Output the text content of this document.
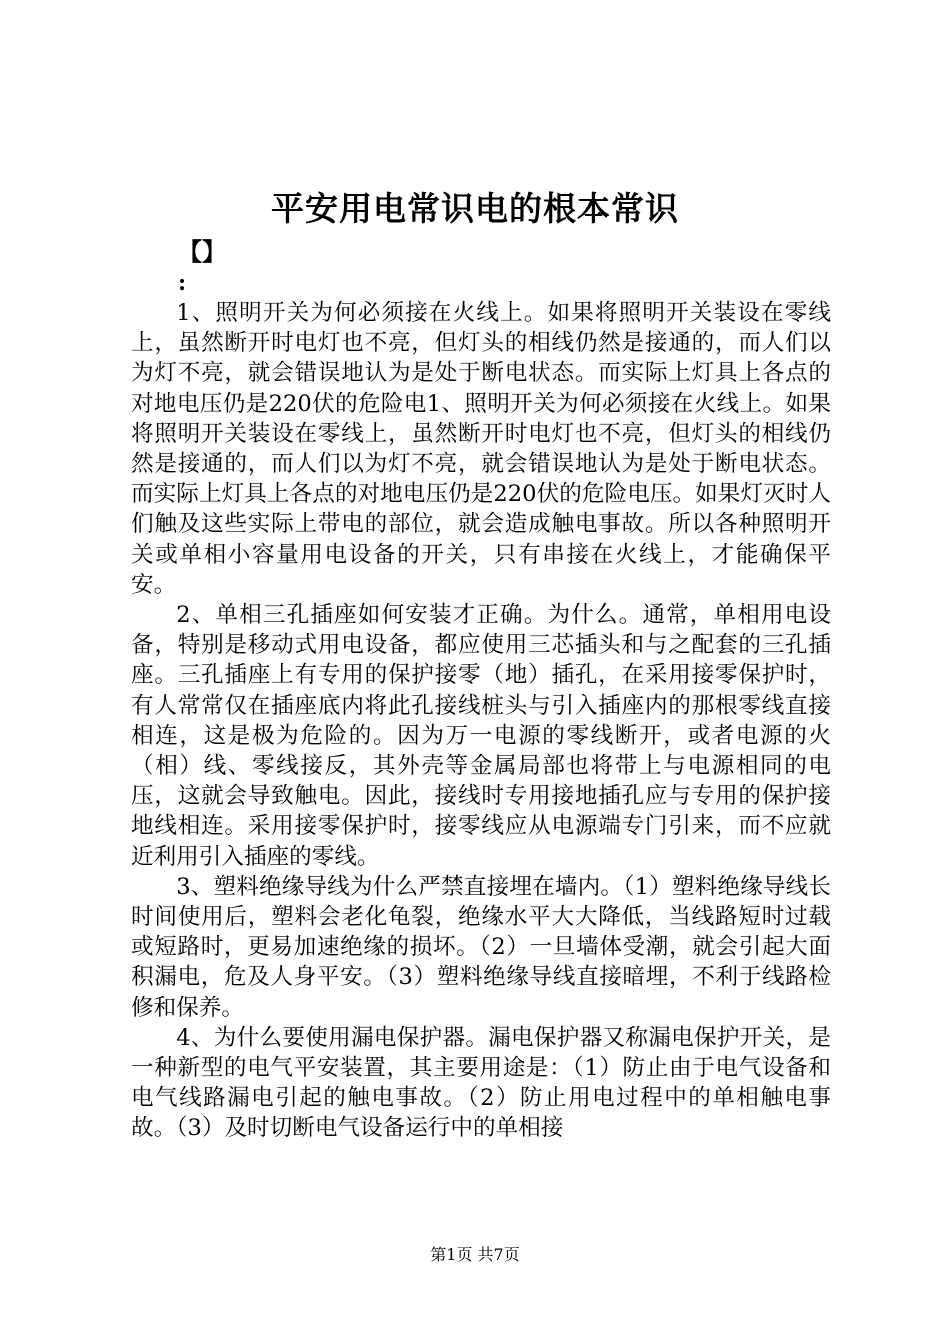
平安用电常识电的根本常识
【】
:

1、照明开关为何必须接在火线上。如果将照明开关装设在零线上，虽然断开时电灯也不亮，但灯头的相线仍然是接通的，而人们以为灯不亮，就会错误地认为是处于断电状态。而实际上灯具上各点的对地电压仍是220伏的危险电1、照明开关为何必须接在火线上。如果将照明开关装设在零线上，虽然断开时电灯也不亮，但灯头的相线仍然是接通的，而人们以为灯不亮，就会错误地认为是处于断电状态。而实际上灯具上各点的对地电压仍是220伏的危险电压。如果灯灭时人们触及这些实际上带电的部位，就会造成触电事故。所以各种照明开关或单相小容量用电设备的开关，只有串接在火线上，才能确保平安。

2、单相三孔插座如何安装才正确。为什么。通常，单相用电设备，特别是移动式用电设备，都应使用三芯插头和与之配套的三孔插座。三孔插座上有专用的保护接零（地）插孔，在采用接零保护时，有人常常仅在插座底内将此孔接线桩头与引入插座内的那根零线直接相连，这是极为危险的。因为万一电源的零线断开，或者电源的火（相）线、零线接反，其外壳等金属局部也将带上与电源相同的电压，这就会导致触电。因此，接线时专用接地插孔应与专用的保护接地线相连。采用接零保护时，接零线应从电源端专门引来，而不应就近利用引入插座的零线。

3、塑料绝缘导线为什么严禁直接埋在墙内。（1）塑料绝缘导线长时间使用后，塑料会老化龟裂，绝缘水平大大降低，当线路短时过载或短路时，更易加速绝缘的损坏。（2）一旦墙体受潮，就会引起大面积漏电，危及人身平安。（3）塑料绝缘导线直接暗埋，不利于线路检修和保养。

4、为什么要使用漏电保护器。漏电保护器又称漏电保护开关，是一种新型的电气平安装置，其主要用途是：（1）防止由于电气设备和电气线路漏电引起的触电事故。（2）防止用电过程中的单相触电事故。（3）及时切断电气设备运行中的单相接

第1页 共7页
